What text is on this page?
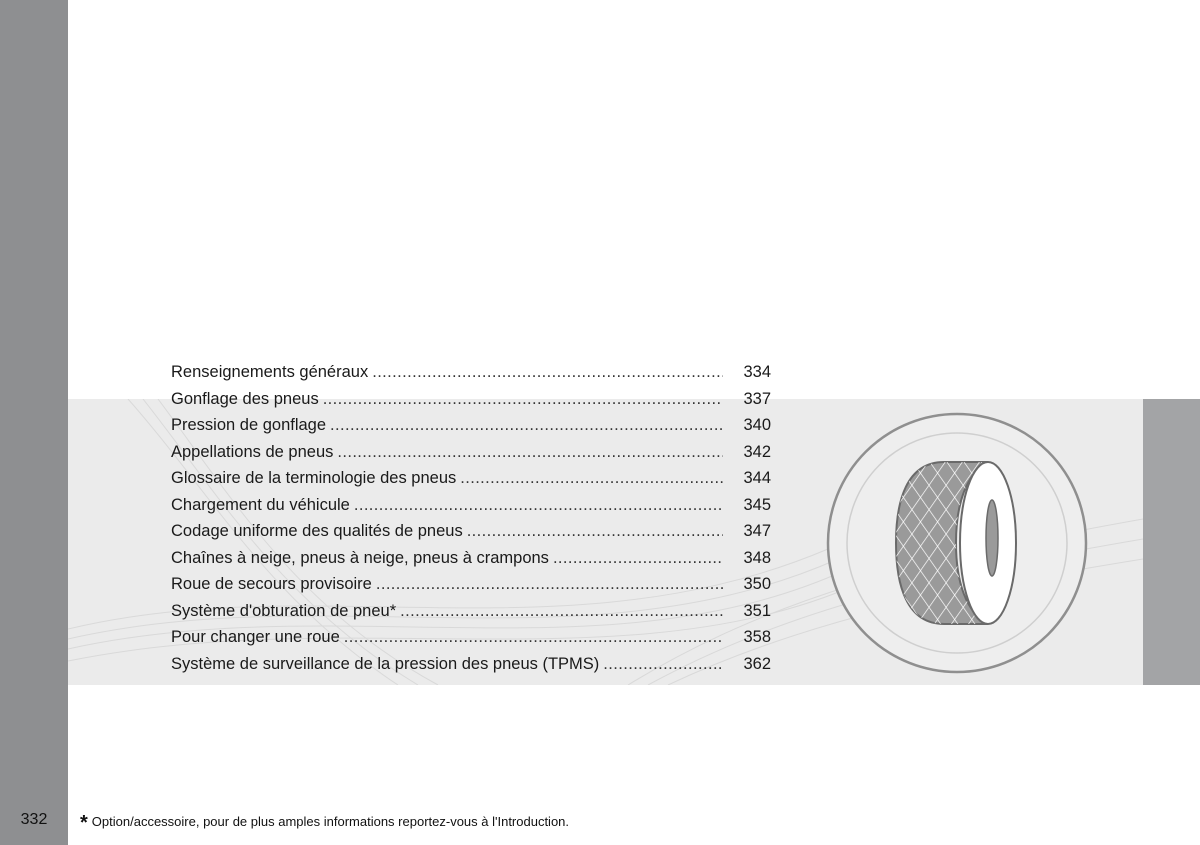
Renseignements généraux .....	334
Gonflage des pneus .....	337
Pression de gonflage .....	340
Appellations de pneus .....	342
Glossaire de la terminologie des pneus .....	344
Chargement du véhicule .....	345
Codage uniforme des qualités de pneus .....	347
Chaînes à neige, pneus à neige, pneus à crampons .....	348
Roue de secours provisoire .....	350
Système d'obturation de pneu* .....	351
Pour changer une roue .....	358
Système de surveillance de la pression des pneus (TPMS) .....	362
332	* Option/accessoire, pour de plus amples informations reportez-vous à l'Introduction.
